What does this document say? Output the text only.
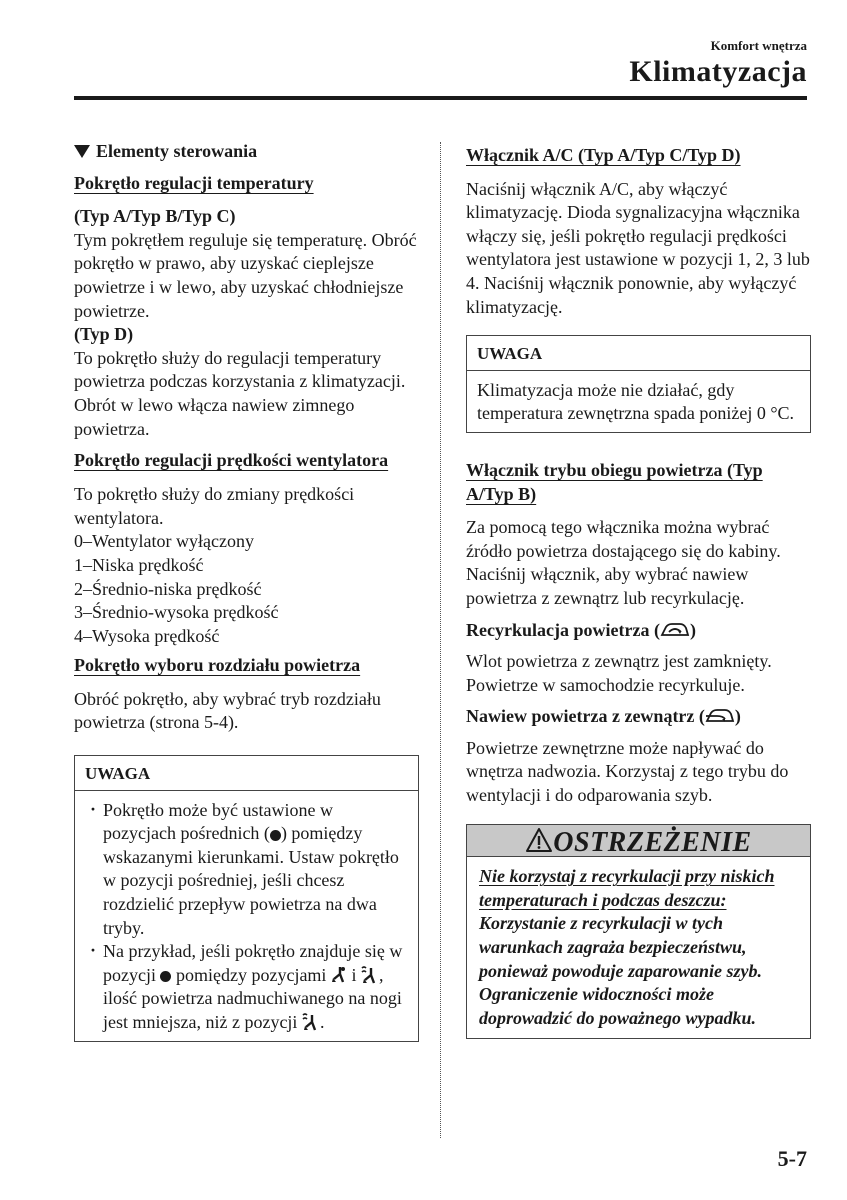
Komfort wnętrza
Klimatyzacja
Elementy sterowania
Pokrętło regulacji temperatury

(Typ A/Typ B/Typ C)

Tym pokrętłem reguluje się temperaturę. Obróć pokrętło w prawo, aby uzyskać cieplejsze powietrze i w lewo, aby uzyskać chłodniejsze powietrze.

(Typ D)

To pokrętło służy do regulacji temperatury powietrza podczas korzystania z klimatyzacji. Obrót w lewo włącza nawiew zimnego powietrza.

Pokrętło regulacji prędkości wentylatora

To pokrętło służy do zmiany prędkości wentylatora.

0–Wentylator wyłączony

1–Niska prędkość

2–Średnio-niska prędkość

3–Średnio-wysoka prędkość

4–Wysoka prędkość

Pokrętło wyboru rozdziału powietrza

Obróć pokrętło, aby wybrać tryb rozdziału powietrza (strona 5-4).

UWAGA
· Pokrętło może być ustawione w pozycjach pośrednich ( ) pomiędzy wskazanymi kierunkami. Ustaw pokrętło w pozycji pośredniej, jeśli chcesz rozdzielić przepływ powietrza na dwa tryby.
· Na przykład, jeśli pokrętło znajduje się w pozycji pomiędzy pozycjami i , ilość powietrza nadmuchiwanego na nogi jest mniejsza, niż z pozycji .
Włącznik A/C (Typ A/Typ C/Typ D)

Naciśnij włącznik A/C, aby włączyć klimatyzację. Dioda sygnalizacyjna włącznika włączy się, jeśli pokrętło regulacji prędkości wentylatora jest ustawione w pozycji 1, 2, 3 lub 4. Naciśnij włącznik ponownie, aby wyłączyć klimatyzację.

UWAGA
Klimatyzacja może nie działać, gdy temperatura zewnętrzna spada poniżej 0 °C.
Włącznik trybu obiegu powietrza (Typ A/Typ B)

Za pomocą tego włącznika można wybrać źródło powietrza dostającego się do kabiny. Naciśnij włącznik, aby wybrać nawiew powietrza z zewnątrz lub recyrkulację.

Recyrkulacja powietrza ( )

Wlot powietrza z zewnątrz jest zamknięty. Powietrze w samochodzie recyrkuluje.

Nawiew powietrza z zewnątrz ( )

Powietrze zewnętrzne może napływać do wnętrza nadwozia. Korzystaj z tego trybu do wentylacji i do odparowania szyb.

OSTRZEŻENIE

Nie korzystaj z recyrkulacji przy niskich temperaturach i podczas deszczu:

Korzystanie z recyrkulacji w tych warunkach zagraża bezpieczeństwu, ponieważ powoduje zaparowanie szyb. Ograniczenie widoczności może doprowadzić do poważnego wypadku.

5-7
